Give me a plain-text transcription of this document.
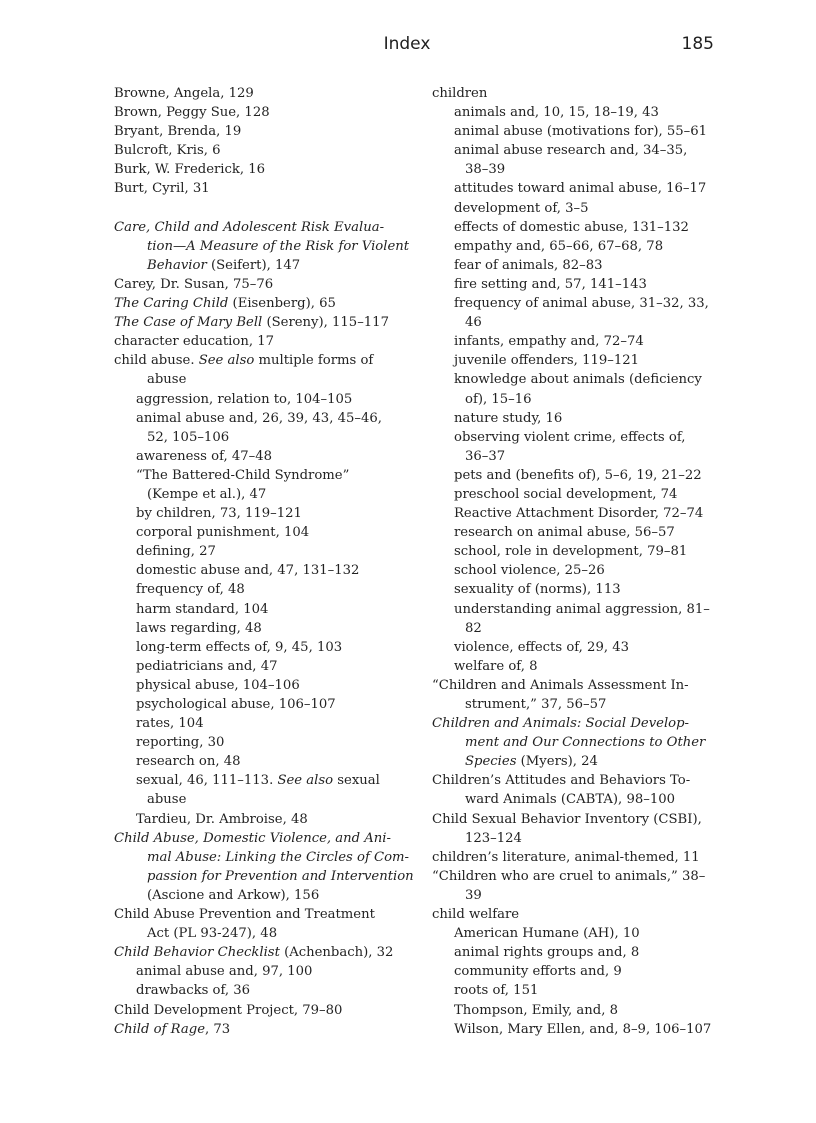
Index	185
Browne, Angela, 129
Brown, Peggy Sue, 128
Bryant, Brenda, 19
Bulcroft, Kris, 6
Burk, W. Frederick, 16
Burt, Cyril, 31
Care, Child and Adolescent Risk Evalua-
tion—A Measure of the Risk for Violent
Behavior (Seifert), 147
Carey, Dr. Susan, 75–76
The Caring Child (Eisenberg), 65
The Case of Mary Bell (Sereny), 115–117
character education, 17
child abuse. See also multiple forms of
abuse
aggression, relation to, 104–105
animal abuse and, 26, 39, 43, 45–46,
52, 105–106
awareness of, 47–48
“The Battered-Child Syndrome”
(Kempe et al.), 47
by children, 73, 119–121
corporal punishment, 104
defining, 27
domestic abuse and, 47, 131–132
frequency of, 48
harm standard, 104
laws regarding, 48
long-term effects of, 9, 45, 103
pediatricians and, 47
physical abuse, 104–106
psychological abuse, 106–107
rates, 104
reporting, 30
research on, 48
sexual, 46, 111–113. See also sexual
abuse
Tardieu, Dr. Ambroise, 48
Child Abuse, Domestic Violence, and Ani-
mal Abuse: Linking the Circles of Com-
passion for Prevention and Intervention
(Ascione and Arkow), 156
Child Abuse Prevention and Treatment
Act (PL 93-247), 48
Child Behavior Checklist (Achenbach), 32
animal abuse and, 97, 100
drawbacks of, 36
Child Development Project, 79–80
Child of Rage, 73
children
animals and, 10, 15, 18–19, 43
animal abuse (motivations for), 55–61
animal abuse research and, 34–35,
38–39
attitudes toward animal abuse, 16–17
development of, 3–5
effects of domestic abuse, 131–132
empathy and, 65–66, 67–68, 78
fear of animals, 82–83
fire setting and, 57, 141–143
frequency of animal abuse, 31–32, 33,
46
infants, empathy and, 72–74
juvenile offenders, 119–121
knowledge about animals (deficiency
of), 15–16
nature study, 16
observing violent crime, effects of,
36–37
pets and (benefits of), 5–6, 19, 21–22
preschool social development, 74
Reactive Attachment Disorder, 72–74
research on animal abuse, 56–57
school, role in development, 79–81
school violence, 25–26
sexuality of (norms), 113
understanding animal aggression, 81–
82
violence, effects of, 29, 43
welfare of, 8
“Children and Animals Assessment In-
strument,” 37, 56–57
Children and Animals: Social Develop-
ment and Our Connections to Other
Species (Myers), 24
Children’s Attitudes and Behaviors To-
ward Animals (CABTA), 98–100
Child Sexual Behavior Inventory (CSBI),
123–124
children’s literature, animal-themed, 11
“Children who are cruel to animals,” 38–
39
child welfare
American Humane (AH), 10
animal rights groups and, 8
community efforts and, 9
roots of, 151
Thompson, Emily, and, 8
Wilson, Mary Ellen, and, 8–9, 106–107
